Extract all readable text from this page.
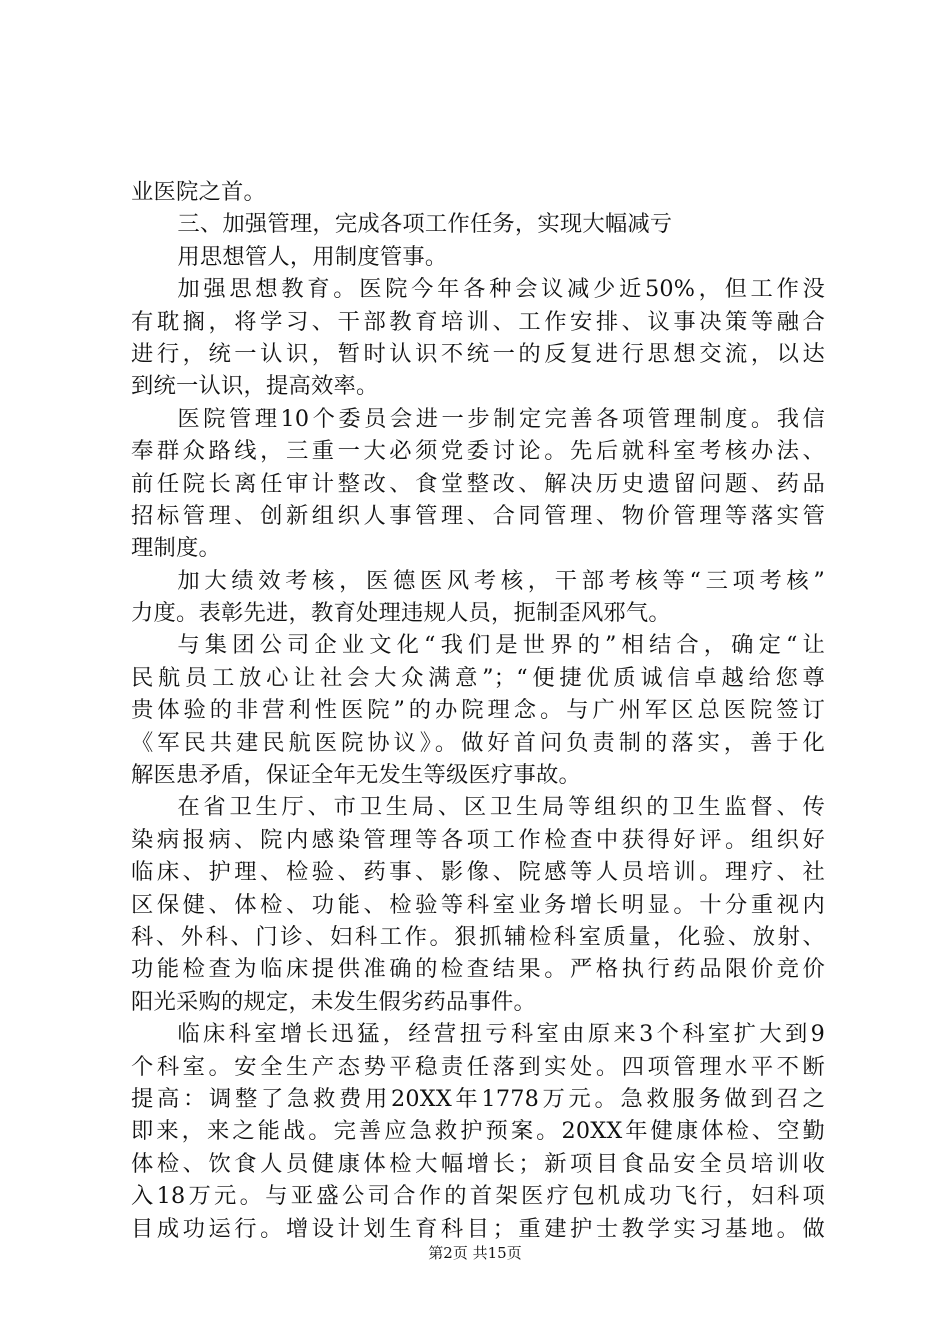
业医院之首。
三、加强管理，完成各项工作任务，实现大幅减亏
用思想管人，用制度管事。
加强思想教育。医院今年各种会议减少近50%，但工作没
有耽搁，将学习、干部教育培训、工作安排、议事决策等融合
进行，统一认识，暂时认识不统一的反复进行思想交流，以达
到统一认识，提高效率。
医院管理10个委员会进一步制定完善各项管理制度。我信
奉群众路线，三重一大必须党委讨论。先后就科室考核办法、
前任院长离任审计整改、食堂整改、解决历史遗留问题、药品
招标管理、创新组织人事管理、合同管理、物价管理等落实管
理制度。
加大绩效考核，医德医风考核，干部考核等“三项考核”
力度。表彰先进，教育处理违规人员，扼制歪风邪气。
与集团公司企业文化“我们是世界的”相结合，确定“让
民航员工放心让社会大众满意”；“便捷优质诚信卓越给您尊
贵体验的非营利性医院”的办院理念。与广州军区总医院签订
《军民共建民航医院协议》。做好首问负责制的落实，善于化
解医患矛盾，保证全年无发生等级医疗事故。
在省卫生厅、市卫生局、区卫生局等组织的卫生监督、传
染病报病、院内感染管理等各项工作检查中获得好评。组织好
临床、护理、检验、药事、影像、院感等人员培训。理疗、社
区保健、体检、功能、检验等科室业务增长明显。十分重视内
科、外科、门诊、妇科工作。狠抓辅检科室质量，化验、放射、
功能检查为临床提供准确的检查结果。严格执行药品限价竞价
阳光采购的规定，未发生假劣药品事件。
临床科室增长迅猛，经营扭亏科室由原来3个科室扩大到9
个科室。安全生产态势平稳责任落到实处。四项管理水平不断
提高：调整了急救费用20XX年1778万元。急救服务做到召之
即来，来之能战。完善应急救护预案。20XX年健康体检、空勤
体检、饮食人员健康体检大幅增长；新项目食品安全员培训收
入18万元。与亚盛公司合作的首架医疗包机成功飞行，妇科项
目成功运行。增设计划生育科目；重建护士教学实习基地。做
第2页 共15页
